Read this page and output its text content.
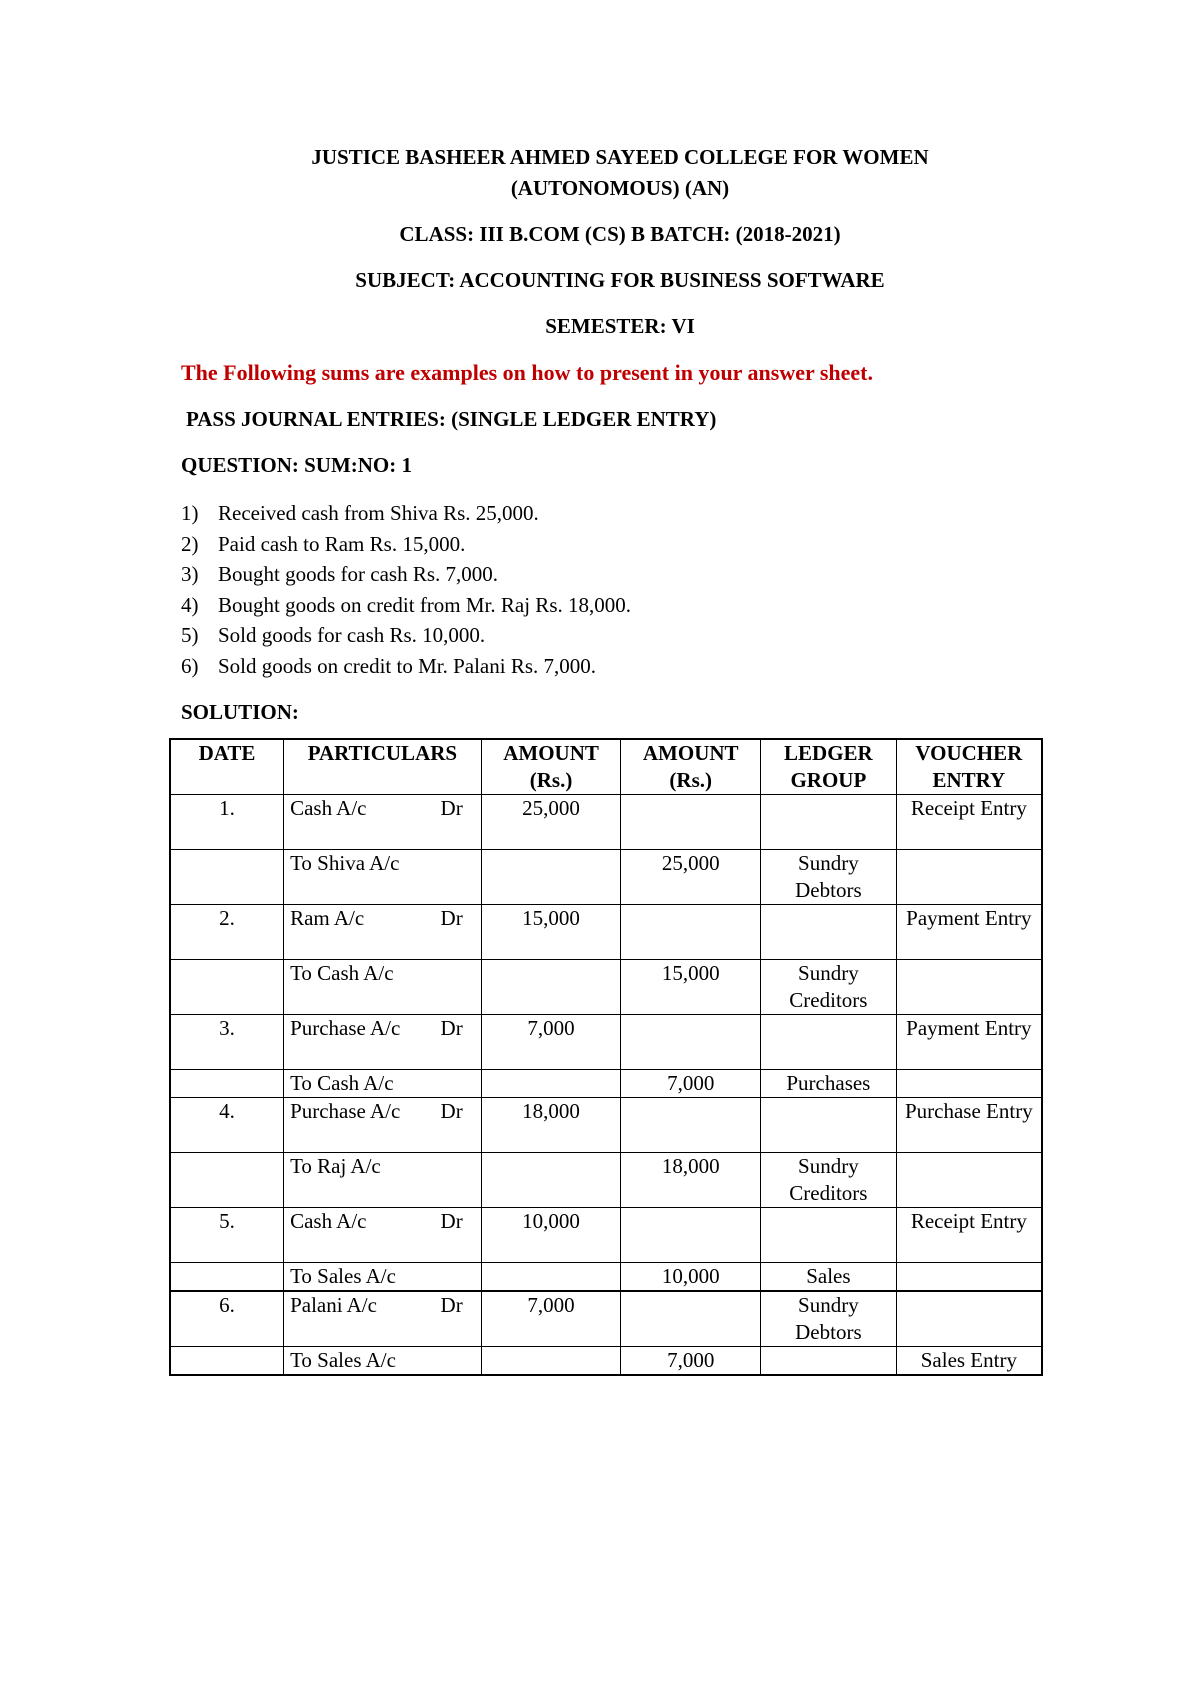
JUSTICE BASHEER AHMED SAYEED COLLEGE FOR WOMEN
(AUTONOMOUS) (AN)
CLASS: III B.COM (CS) B BATCH: (2018-2021)
SUBJECT: ACCOUNTING FOR BUSINESS SOFTWARE
SEMESTER: VI
The Following sums are examples on how to present in your answer sheet.
PASS JOURNAL ENTRIES: (SINGLE LEDGER ENTRY)
QUESTION: SUM:NO: 1
1) Received cash from Shiva Rs. 25,000.
2) Paid cash to Ram Rs. 15,000.
3) Bought goods for cash Rs. 7,000.
4) Bought goods on credit from Mr. Raj Rs. 18,000.
5) Sold goods for cash Rs. 10,000.
6) Sold goods on credit to Mr. Palani Rs. 7,000.
SOLUTION:
DATE	PARTICULARS	AMOUNT (Rs.)	AMOUNT (Rs.)	LEDGER GROUP	VOUCHER ENTRY
1.	Cash A/c Dr	25,000			Receipt Entry

	To Shiva A/c		25,000	Sundry Debtors	
2.	Ram A/c Dr	15,000			Payment Entry

	To Cash A/c		15,000	Sundry Creditors	
3.	Purchase A/c Dr	7,000			Payment Entry

	To Cash A/c		7,000	Purchases	
4.	Purchase A/c Dr	18,000			Purchase Entry

	To Raj A/c		18,000	Sundry Creditors	
5.	Cash A/c Dr	10,000			Receipt Entry

	To Sales A/c		10,000	Sales	
6.	Palani A/c Dr	7,000		Sundry Debtors	

	To Sales A/c		7,000		Sales Entry
